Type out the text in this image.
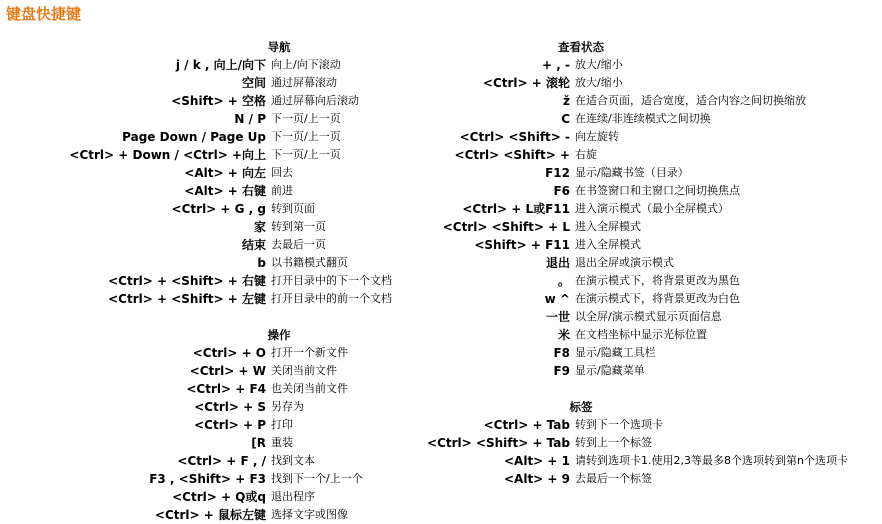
键盘快捷键
导航
j / k , 向上/向下 向上/向下滚动
空间 通过屏幕滚动
<Shift> + 空格 通过屏幕向后滚动
N / P 下一页/上一页
Page Down / Page Up 下一页/上一页
<Ctrl> + Down / <Ctrl> +向上 下一页/上一页
<Alt> + 向左 回去
<Alt> + 右键 前进
<Ctrl> + G , g 转到页面
家 转到第一页
结束 去最后一页
b 以书籍模式翻页
<Ctrl> + <Shift> + 右键 打开目录中的下一个文档
<Ctrl> + <Shift> + 左键 打开目录中的前一个文档
操作
<Ctrl> + O 打开一个新文件
<Ctrl> + W 关闭当前文件
<Ctrl> + F4 也关闭当前文件
<Ctrl> + S 另存为
<Ctrl> + P 打印
[R 重装
<Ctrl> + F , / 找到文本
F3 , <Shift> + F3 找到下一个/上一个
<Ctrl> + Q或q 退出程序
<Ctrl> + 鼠标左键 选择文字或图像
查看状态
+ , - 放大/缩小
<Ctrl> + 滚轮 放大/缩小
ž 在适合页面，适合宽度，适合内容之间切换缩放
C 在连续/非连续模式之间切换
<Ctrl> <Shift> - 向左旋转
<Ctrl> <Shift> + 右旋
F12 显示/隐藏书签（目录）
F6 在书签窗口和主窗口之间切换焦点
<Ctrl> + L或F11 进入演示模式（最小全屏模式）
<Ctrl> <Shift> + L 进入全屏模式
<Shift> + F11 进入全屏模式
退出 退出全屏或演示模式
。 在演示模式下，将背景更改为黑色
w ^ 在演示模式下，将背景更改为白色
一世 以全屏/演示模式显示页面信息
米 在文档坐标中显示光标位置
F8 显示/隐藏工具栏
F9 显示/隐藏菜单
标签
<Ctrl> + Tab 转到下一个选项卡
<Ctrl> <Shift> + Tab 转到上一个标签
<Alt> + 1 请转到选项卡1.使用2,3等最多8个选项转到第n个选项卡
<Alt> + 9 去最后一个标签
